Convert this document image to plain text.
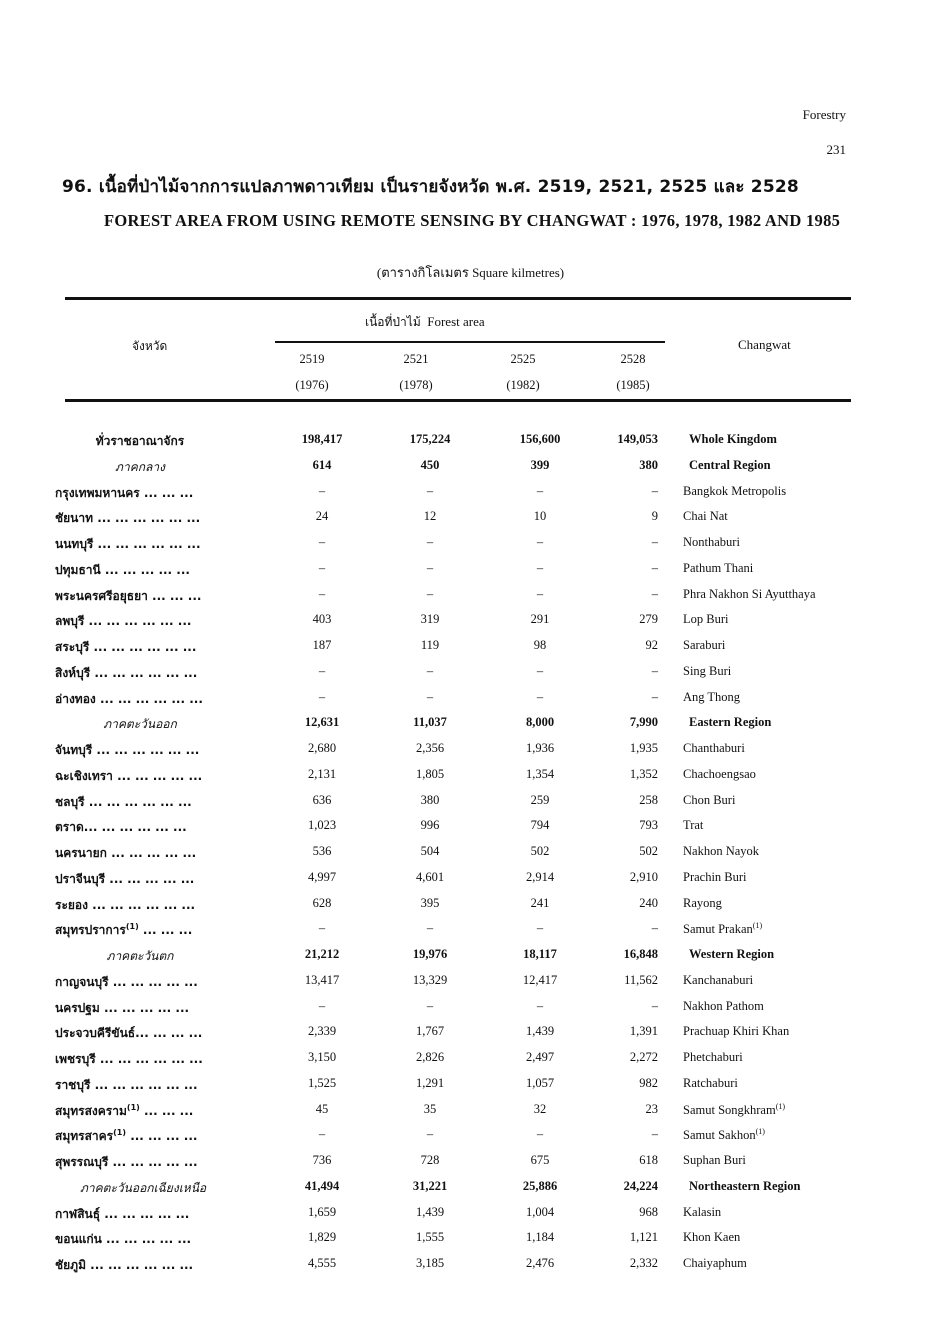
Forestry
231
96. เนื้อที่ป่าไม้จากการแปลภาพดาวเทียม เป็นรายจังหวัด พ.ศ. 2519, 2521, 2525 และ 2528
FOREST AREA FROM USING REMOTE SENSING BY CHANGWAT : 1976, 1978, 1982 AND 1985
(ตารางกิโลเมตร Square kilmetres)
จังหวัด
เนื้อที่ป่าไม้ Forest area
Changwat
2519
(1976)
2521
(1978)
2525
(1982)
2528
(1985)
ทั่วราชอาณาจักร	198,417	175,224	156,600	149,053 Whole Kingdom
ภาคกลาง	614	450	399	380 Central Region
กรุงเทพมหานคร ... ... ...	–	–	–	– Bangkok Metropolis
ชัยนาท ... ... ... ... ... ...	24	12	10	9 Chai Nat
นนทบุรี ... ... ... ... ... ...	–	–	–	– Nonthaburi
ปทุมธานี ... ... ... ... ...	–	–	–	– Pathum Thani
พระนครศรีอยุธยา ... ... ...	–	–	–	– Phra Nakhon Si Ayutthaya
ลพบุรี ... ... ... ... ... ...	403	319	291	279 Lop Buri
สระบุรี ... ... ... ... ... ...	187	119	98	92 Saraburi
สิงห์บุรี ... ... ... ... ... ...	–	–	–	– Sing Buri
อ่างทอง ... ... ... ... ... ...	–	–	–	– Ang Thong
ภาคตะวันออก	12,631	11,037	8,000	7,990 Eastern Region
จันทบุรี ... ... ... ... ... ...	2,680	2,356	1,936	1,935 Chanthaburi
ฉะเชิงเทรา ... ... ... ... ...	2,131	1,805	1,354	1,352 Chachoengsao
ชลบุรี ... ... ... ... ... ...	636	380	259	258 Chon Buri
ตราด... ... ... ... ... ...	1,023	996	794	793 Trat
นครนายก ... ... ... ... ...	536	504	502	502 Nakhon Nayok
ปราจีนบุรี ... ... ... ... ...	4,997	4,601	2,914	2,910 Prachin Buri
ระยอง ... ... ... ... ... ...	628	395	241	240 Rayong
สมุทรปราการ$^{(1)}$ ... ... ...	–	–	–	– Samut Prakan$^{(1)}$
ภาคตะวันตก	21,212	19,976	18,117	16,848 Western Region
กาญจนบุรี ... ... ... ... ...	13,417	13,329	12,417	11,562 Kanchanaburi
นครปฐม ... ... ... ... ...	–	–	–	– Nakhon Pathom
ประจวบคีรีขันธ์... ... ... ...	2,339	1,767	1,439	1,391 Prachuap Khiri Khan
เพชรบุรี ... ... ... ... ... ...	3,150	2,826	2,497	2,272 Phetchaburi
ราชบุรี ... ... ... ... ... ...	1,525	1,291	1,057	982 Ratchaburi
สมุทรสงคราม$^{(1)}$ ... ... ...	45	35	32	23 Samut Songkhram$^{(1)}$
สมุทรสาคร$^{(1)}$ ... ... ... ...	–	–	–	– Samut Sakhon$^{(1)}$
สุพรรณบุรี ... ... ... ... ...	736	728	675	618 Suphan Buri
ภาคตะวันออกเฉียงเหนือ	41,494	31,221	25,886	24,224 Northeastern Region
กาฬสินธุ์ ... ... ... ... ...	1,659	1,439	1,004	968 Kalasin
ขอนแก่น ... ... ... ... ...	1,829	1,555	1,184	1,121 Khon Kaen
ชัยภูมิ ... ... ... ... ... ...	4,555	3,185	2,476	2,332 Chaiyaphum
